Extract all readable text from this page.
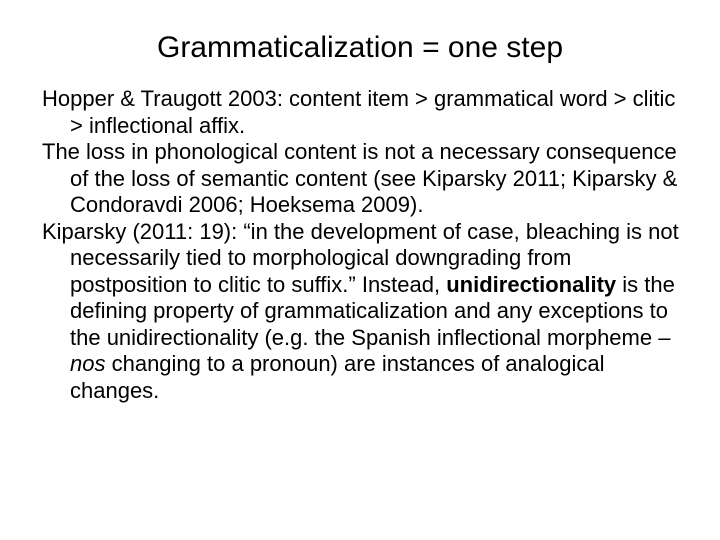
Grammaticalization = one step
Hopper & Traugott 2003: content item > grammatical word > clitic > inflectional affix.
The loss in phonological content is not a necessary consequence of the loss of semantic content (see Kiparsky 2011; Kiparsky & Condoravdi 2006; Hoeksema 2009).
Kiparsky (2011: 19): “in the development of case, bleaching is not necessarily tied to morphological downgrading from postposition to clitic to suffix.” Instead, unidirectionality is the defining property of grammaticalization and any exceptions to the unidirectionality (e.g. the Spanish inflectional morpheme –nos changing to a pronoun) are instances of analogical changes.
